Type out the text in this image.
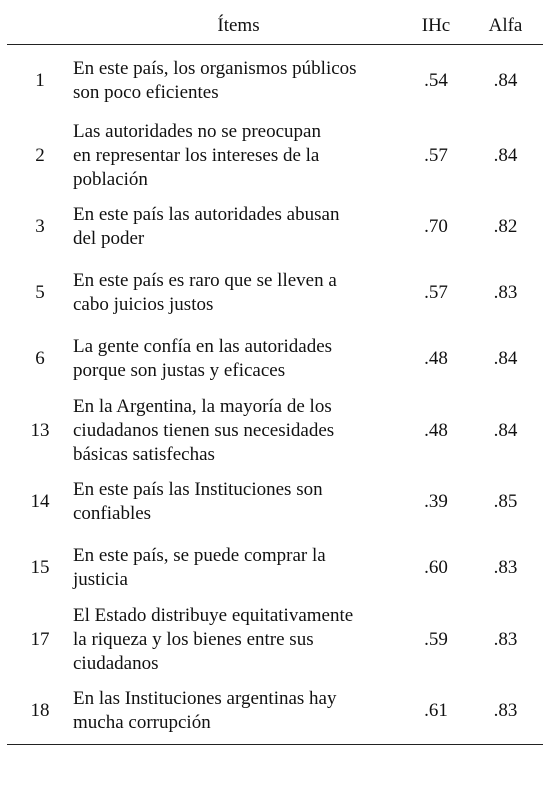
	Ítems	IHc	Alfa
1	En este país, los organismos públicos
son poco eficientes	.54	.84
2	Las autoridades no se preocupan
en representar los intereses de la
población	.57	.84
3	En este país las autoridades abusan
del poder	.70	.82
5	En este país es raro que se lleven a
cabo juicios justos	.57	.83
6	La gente confía en las autoridades
porque son justas y eficaces	.48	.84
13	En la Argentina, la mayoría de los
ciudadanos tienen sus necesidades
básicas satisfechas	.48	.84
14	En este país las Instituciones son
confiables	.39	.85
15	En este país, se puede comprar la
justicia	.60	.83
17	El Estado distribuye equitativamente
la riqueza y los bienes entre sus
ciudadanos	.59	.83
18	En las Instituciones argentinas hay
mucha corrupción	.61	.83
